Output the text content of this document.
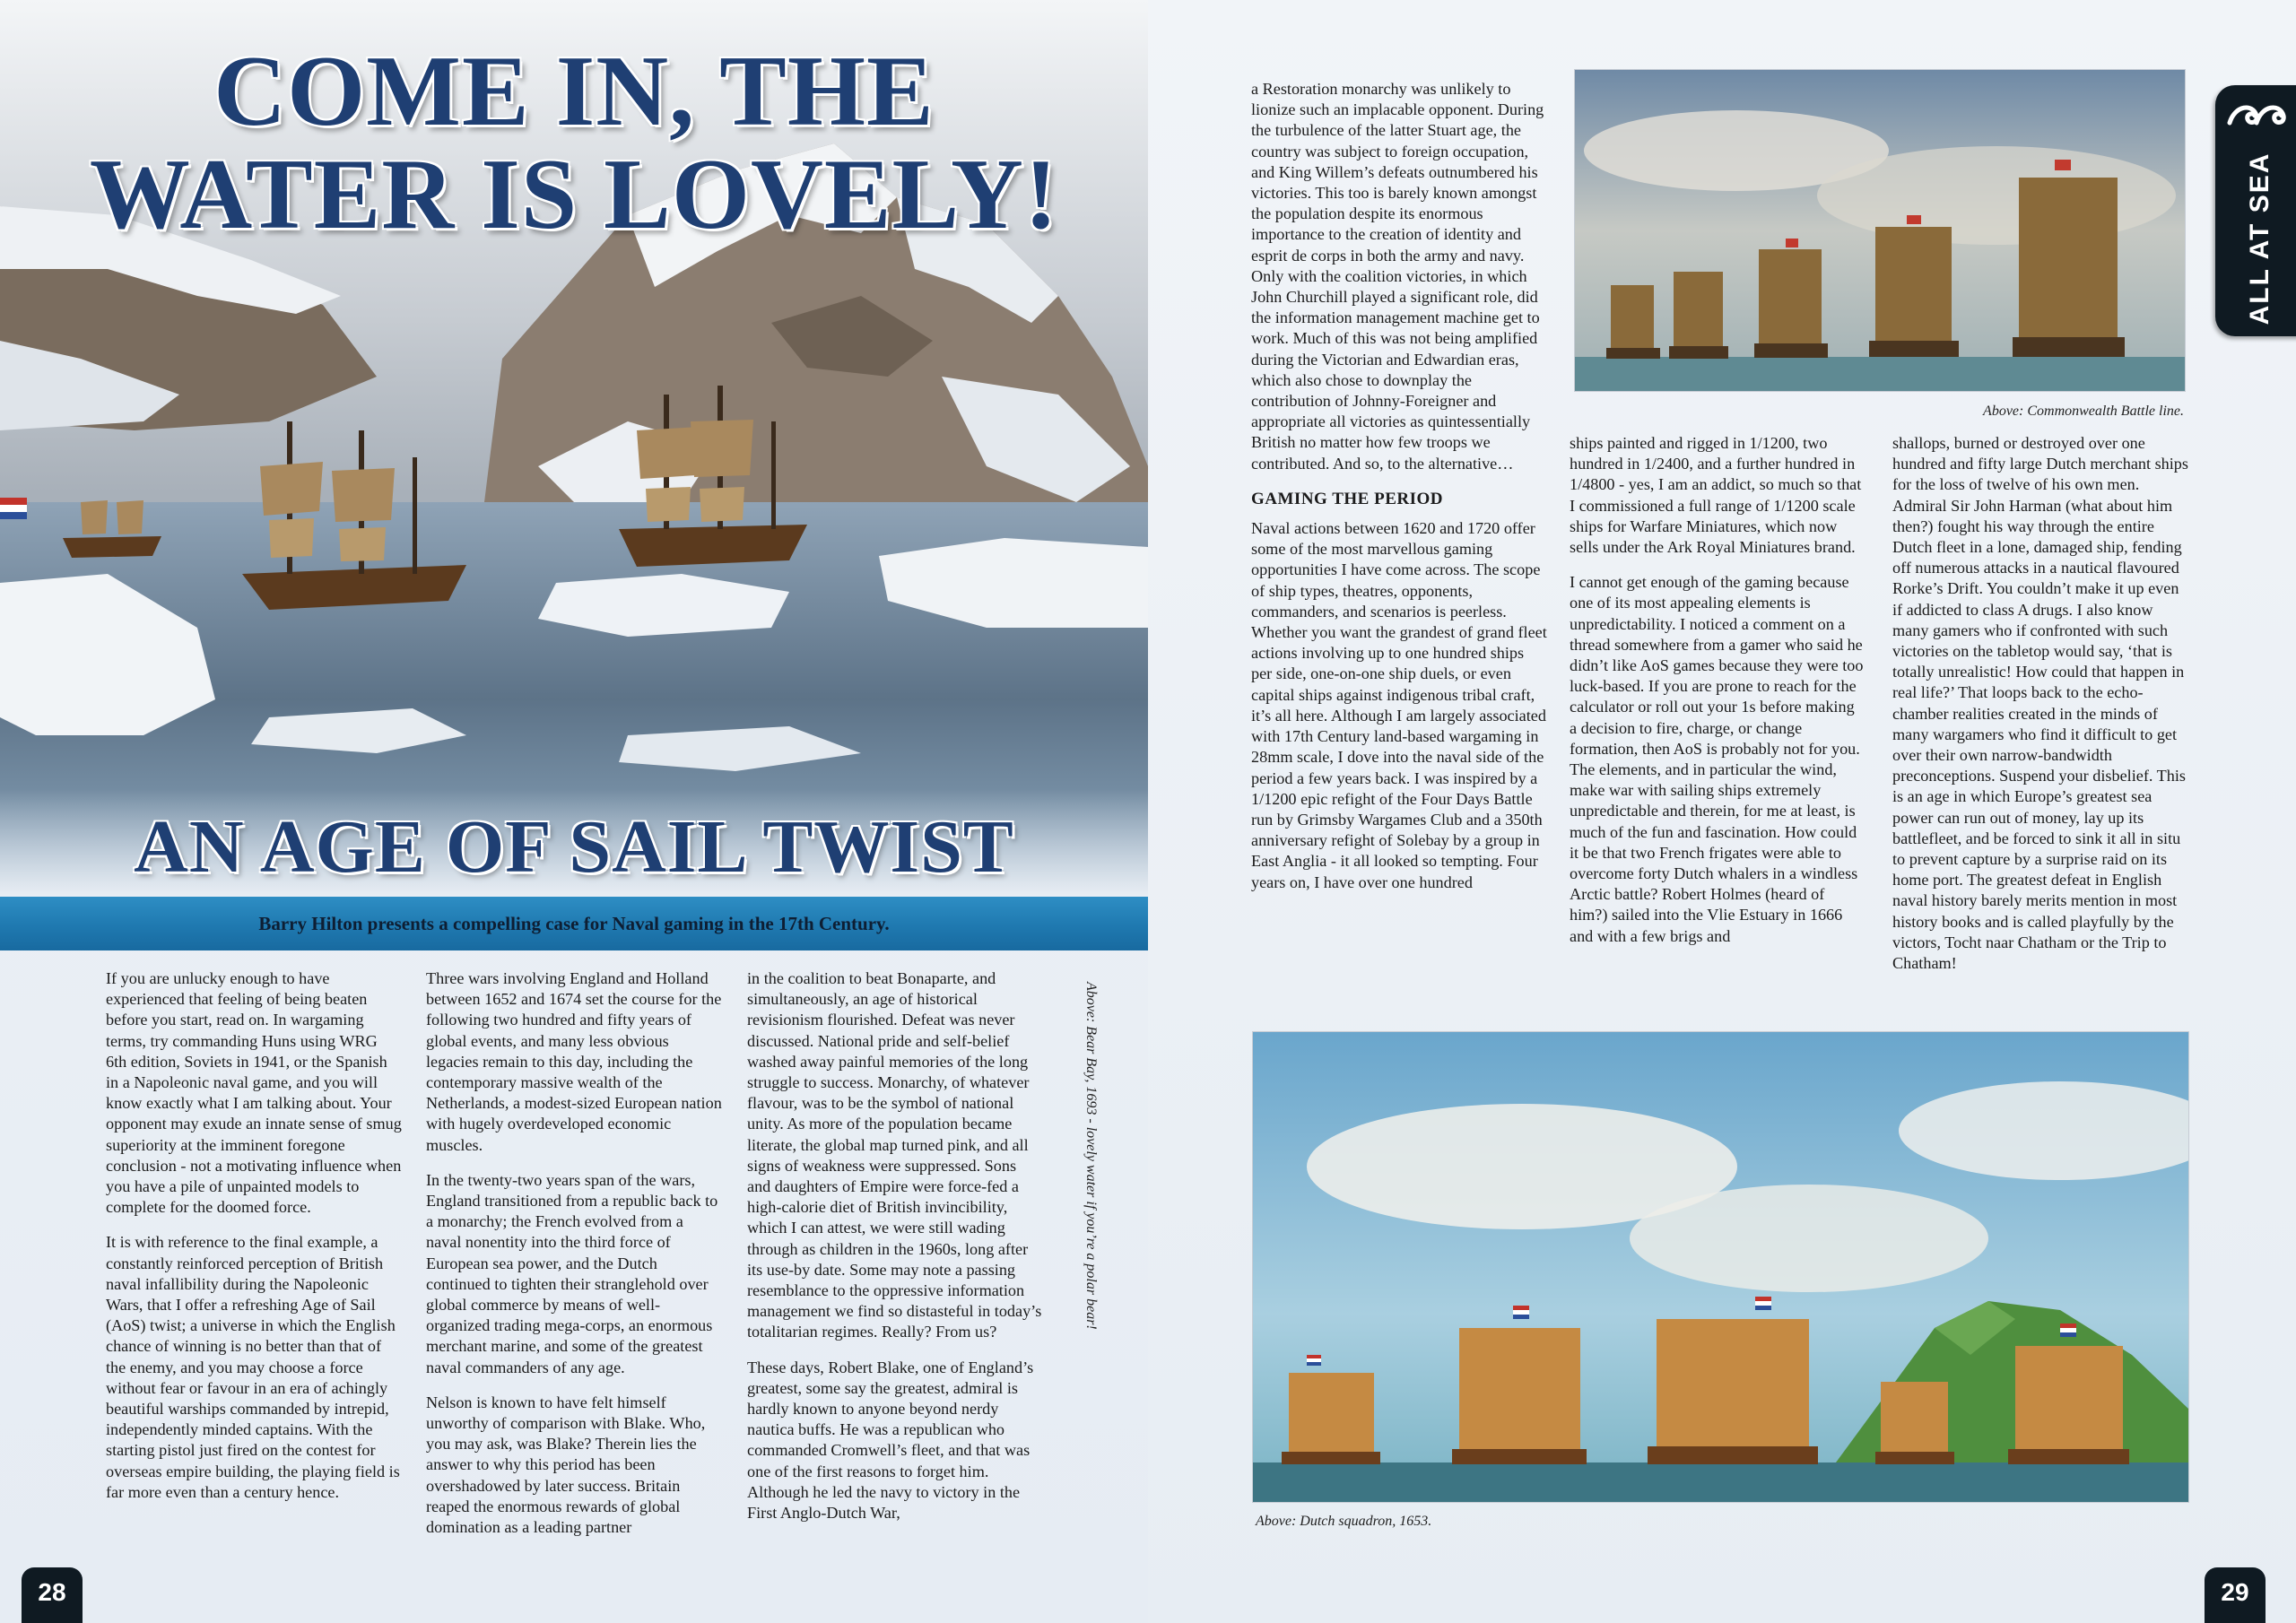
COME IN, THE WATER IS LOVELY!
AN AGE OF SAIL TWIST
Barry Hilton presents a compelling case for Naval gaming in the 17th Century.

If you are unlucky enough to have experienced that feeling of being beaten before you start, read on. In wargaming terms, try commanding Huns using WRG 6th edition, Soviets in 1941, or the Spanish in a Napoleonic naval game, and you will know exactly what I am talking about. Your opponent may exude an innate sense of smug superiority at the imminent foregone conclusion - not a motivating influence when you have a pile of unpainted models to complete for the doomed force.

It is with reference to the final example, a constantly reinforced perception of British naval infallibility during the Napoleonic Wars, that I offer a refreshing Age of Sail (AoS) twist; a universe in which the English chance of winning is no better than that of the enemy, and you may choose a force without fear or favour in an era of achingly beautiful warships commanded by intrepid, independently minded captains. With the starting pistol just fired on the contest for overseas empire building, the playing field is far more even than a century hence.

Three wars involving England and Holland between 1652 and 1674 set the course for the following two hundred and fifty years of global events, and many less obvious legacies remain to this day, including the contemporary massive wealth of the Netherlands, a modest-sized European nation with hugely overdeveloped economic muscles.

In the twenty-two years span of the wars, England transitioned from a republic back to a monarchy; the French evolved from a naval nonentity into the third force of European sea power, and the Dutch continued to tighten their stranglehold over global commerce by means of well-organized trading mega-corps, an enormous merchant marine, and some of the greatest naval commanders of any age.

Nelson is known to have felt himself unworthy of comparison with Blake. Who, you may ask, was Blake? Therein lies the answer to why this period has been overshadowed by later success. Britain reaped the enormous rewards of global domination as a leading partner

in the coalition to beat Bonaparte, and simultaneously, an age of historical revisionism flourished. Defeat was never discussed. National pride and self-belief washed away painful memories of the long struggle to success. Monarchy, of whatever flavour, was to be the symbol of national unity. As more of the population became literate, the global map turned pink, and all signs of weakness were suppressed. Sons and daughters of Empire were force-fed a high-calorie diet of British invincibility, which I can attest, we were still wading through as children in the 1960s, long after its use-by date. Some may note a passing resemblance to the oppressive information management we find so distasteful in today’s totalitarian regimes. Really? From us?

These days, Robert Blake, one of England’s greatest, some say the greatest, admiral is hardly known to anyone beyond nerdy nautica buffs. He was a republican who commanded Cromwell’s fleet, and that was one of the first reasons to forget him. Although he led the navy to victory in the First Anglo-Dutch War,

Above: Bear Bay, 1693 - lovely water if you’re a polar bear!
28

a Restoration monarchy was unlikely to lionize such an implacable opponent. During the turbulence of the latter Stuart age, the country was subject to foreign occupation, and King Willem’s defeats outnumbered his victories. This too is barely known amongst the population despite its enormous importance to the creation of identity and esprit de corps in both the army and navy. Only with the coalition victories, in which John Churchill played a significant role, did the information management machine get to work. Much of this was not being amplified during the Victorian and Edwardian eras, which also chose to downplay the contribution of Johnny-Foreigner and appropriate all victories as quintessentially British no matter how few troops we contributed. And so, to the alternative…

GAMING THE PERIOD

Naval actions between 1620 and 1720 offer some of the most marvellous gaming opportunities I have come across. The scope of ship types, theatres, opponents, commanders, and scenarios is peerless. Whether you want the grandest of grand fleet actions involving up to one hundred ships per side, one-on-one ship duels, or even capital ships against indigenous tribal craft, it’s all here. Although I am largely associated with 17th Century land-based wargaming in 28mm scale, I dove into the naval side of the period a few years back. I was inspired by a 1/1200 epic refight of the Four Days Battle run by Grimsby Wargames Club and a 350th anniversary refight of Solebay by a group in East Anglia - it all looked so tempting. Four years on, I have over one hundred

Above: Commonwealth Battle line.

ships painted and rigged in 1/1200, two hundred in 1/2400, and a further hundred in 1/4800 - yes, I am an addict, so much so that I commissioned a full range of 1/1200 scale ships for Warfare Miniatures, which now sells under the Ark Royal Miniatures brand.

I cannot get enough of the gaming because one of its most appealing elements is unpredictability. I noticed a comment on a thread somewhere from a gamer who said he didn’t like AoS games because they were too luck-based. If you are prone to reach for the calculator or roll out your 1s before making a decision to fire, charge, or change formation, then AoS is probably not for you. The elements, and in particular the wind, make war with sailing ships extremely unpredictable and therein, for me at least, is much of the fun and fascination. How could it be that two French frigates were able to overcome forty Dutch whalers in a windless Arctic battle? Robert Holmes (heard of him?) sailed into the Vlie Estuary in 1666 and with a few brigs and

shallops, burned or destroyed over one hundred and fifty large Dutch merchant ships for the loss of twelve of his own men. Admiral Sir John Harman (what about him then?) fought his way through the entire Dutch fleet in a lone, damaged ship, fending off numerous attacks in a nautical flavoured Rorke’s Drift. You couldn’t make it up even if addicted to class A drugs. I also know many gamers who if confronted with such victories on the tabletop would say, ‘that is totally unrealistic! How could that happen in real life?’ That loops back to the echo-chamber realities created in the minds of many wargamers who find it difficult to get over their own narrow-bandwidth preconceptions. Suspend your disbelief. This is an age in which Europe’s greatest sea power can run out of money, lay up its battlefleet, and be forced to sink it all in situ to prevent capture by a surprise raid on its home port. The greatest defeat in English naval history barely merits mention in most history books and is called playfully by the victors, Tocht naar Chatham or the Trip to Chatham!

Above: Dutch squadron, 1653.
ALL AT SEA
29
